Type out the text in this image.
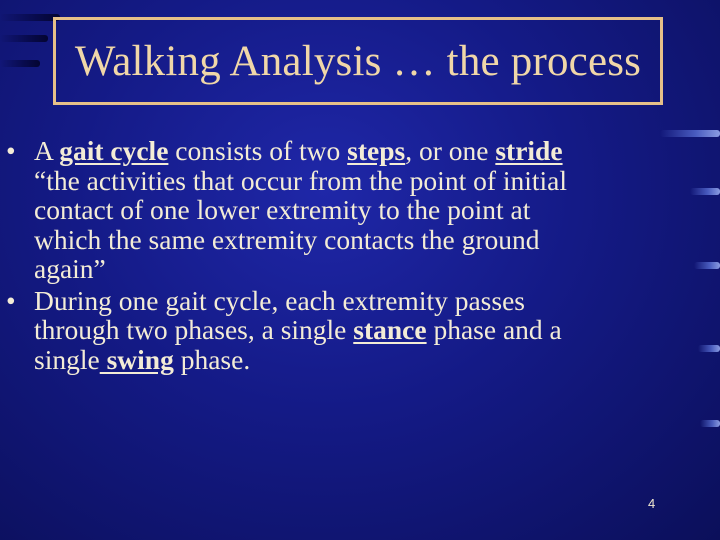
Walking Analysis … the process
• A gait cycle consists of two steps, or one stride
“the activities that occur from the point of initial
contact of one lower extremity to the point at
which the same extremity contacts the ground
again”
• During one gait cycle, each extremity passes
through two phases, a single stance phase and a
single swing phase.
4
